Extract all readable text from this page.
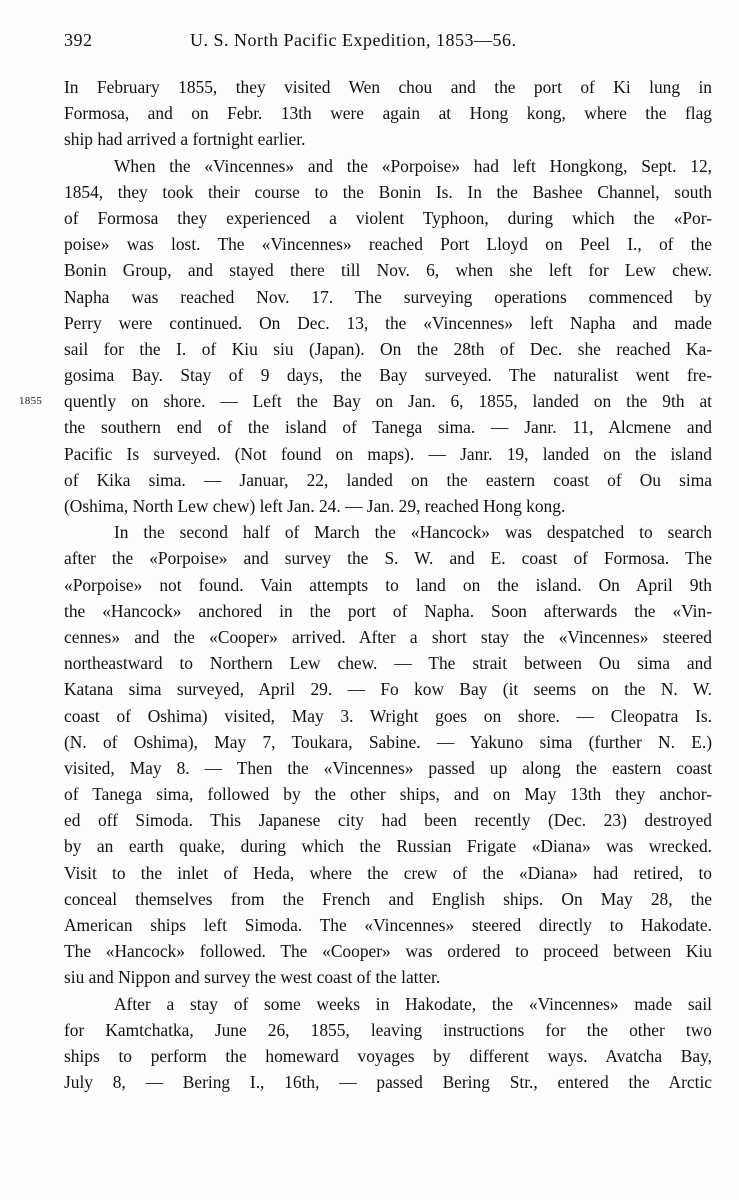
392	U. S. North Pacific Expedition, 1853—56.
In February 1855, they visited Wen chou and the port of Ki lung in
Formosa, and on Febr. 13th were again at Hong kong, where the flag
ship had arrived a fortnight earlier.
When the «Vincennes» and the «Porpoise» had left Hongkong, Sept. 12,
1854, they took their course to the Bonin Is. In the Bashee Channel, south
of Formosa they experienced a violent Typhoon, during which the «Por-
poise» was lost. The «Vincennes» reached Port Lloyd on Peel I., of the
Bonin Group, and stayed there till Nov. 6, when she left for Lew chew.
Napha was reached Nov. 17. The surveying operations commenced by
Perry were continued. On Dec. 13, the «Vincennes» left Napha and made
sail for the I. of Kiu siu (Japan). On the 28th of Dec. she reached Ka-
gosima Bay. Stay of 9 days, the Bay surveyed. The naturalist went fre-
1855 quently on shore. — Left the Bay on Jan. 6, 1855, landed on the 9th at
the southern end of the island of Tanega sima. — Janr. 11, Alcmene and
Pacific Is surveyed. (Not found on maps). — Janr. 19, landed on the island
of Kika sima. — Januar, 22, landed on the eastern coast of Ou sima
(Oshima, North Lew chew) left Jan. 24. — Jan. 29, reached Hong kong.
In the second half of March the «Hancock» was despatched to search
after the «Porpoise» and survey the S. W. and E. coast of Formosa. The
«Porpoise» not found. Vain attempts to land on the island. On April 9th
the «Hancock» anchored in the port of Napha. Soon afterwards the «Vin-
cennes» and the «Cooper» arrived. After a short stay the «Vincennes» steered
northeastward to Northern Lew chew. — The strait between Ou sima and
Katana sima surveyed, April 29. — Fo kow Bay (it seems on the N. W.
coast of Oshima) visited, May 3. Wright goes on shore. — Cleopatra Is.
(N. of Oshima), May 7, Toukara, Sabine. — Yakuno sima (further N. E.)
visited, May 8. — Then the «Vincennes» passed up along the eastern coast
of Tanega sima, followed by the other ships, and on May 13th they anchor-
ed off Simoda. This Japanese city had been recently (Dec. 23) destroyed
by an earth quake, during which the Russian Frigate «Diana» was wrecked.
Visit to the inlet of Heda, where the crew of the «Diana» had retired, to
conceal themselves from the French and English ships. On May 28, the
American ships left Simoda. The «Vincennes» steered directly to Hakodate.
The «Hancock» followed. The «Cooper» was ordered to proceed between Kiu
siu and Nippon and survey the west coast of the latter.
After a stay of some weeks in Hakodate, the «Vincennes» made sail
for Kamtchatka, June 26, 1855, leaving instructions for the other two
ships to perform the homeward voyages by different ways. Avatcha Bay,
July 8, — Bering I., 16th, — passed Bering Str., entered the Arctic
